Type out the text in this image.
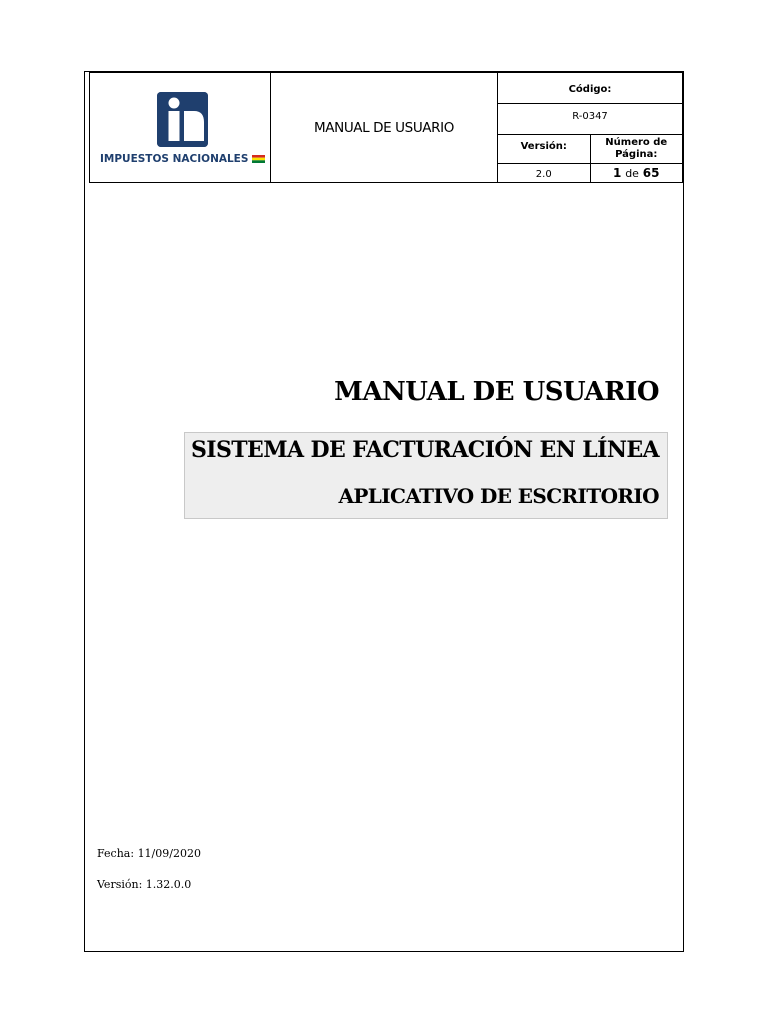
IMPUESTOS NACIONALES	MANUAL DE USUARIO	Código:	
		R-0347	
		Versión:	Número de
Página:

		2.0	1 de 65
MANUAL DE USUARIO
SISTEMA DE FACTURACIÓN EN LÍNEA
APLICATIVO DE ESCRITORIO
Fecha: 11/09/2020
Versión: 1.32.0.0
